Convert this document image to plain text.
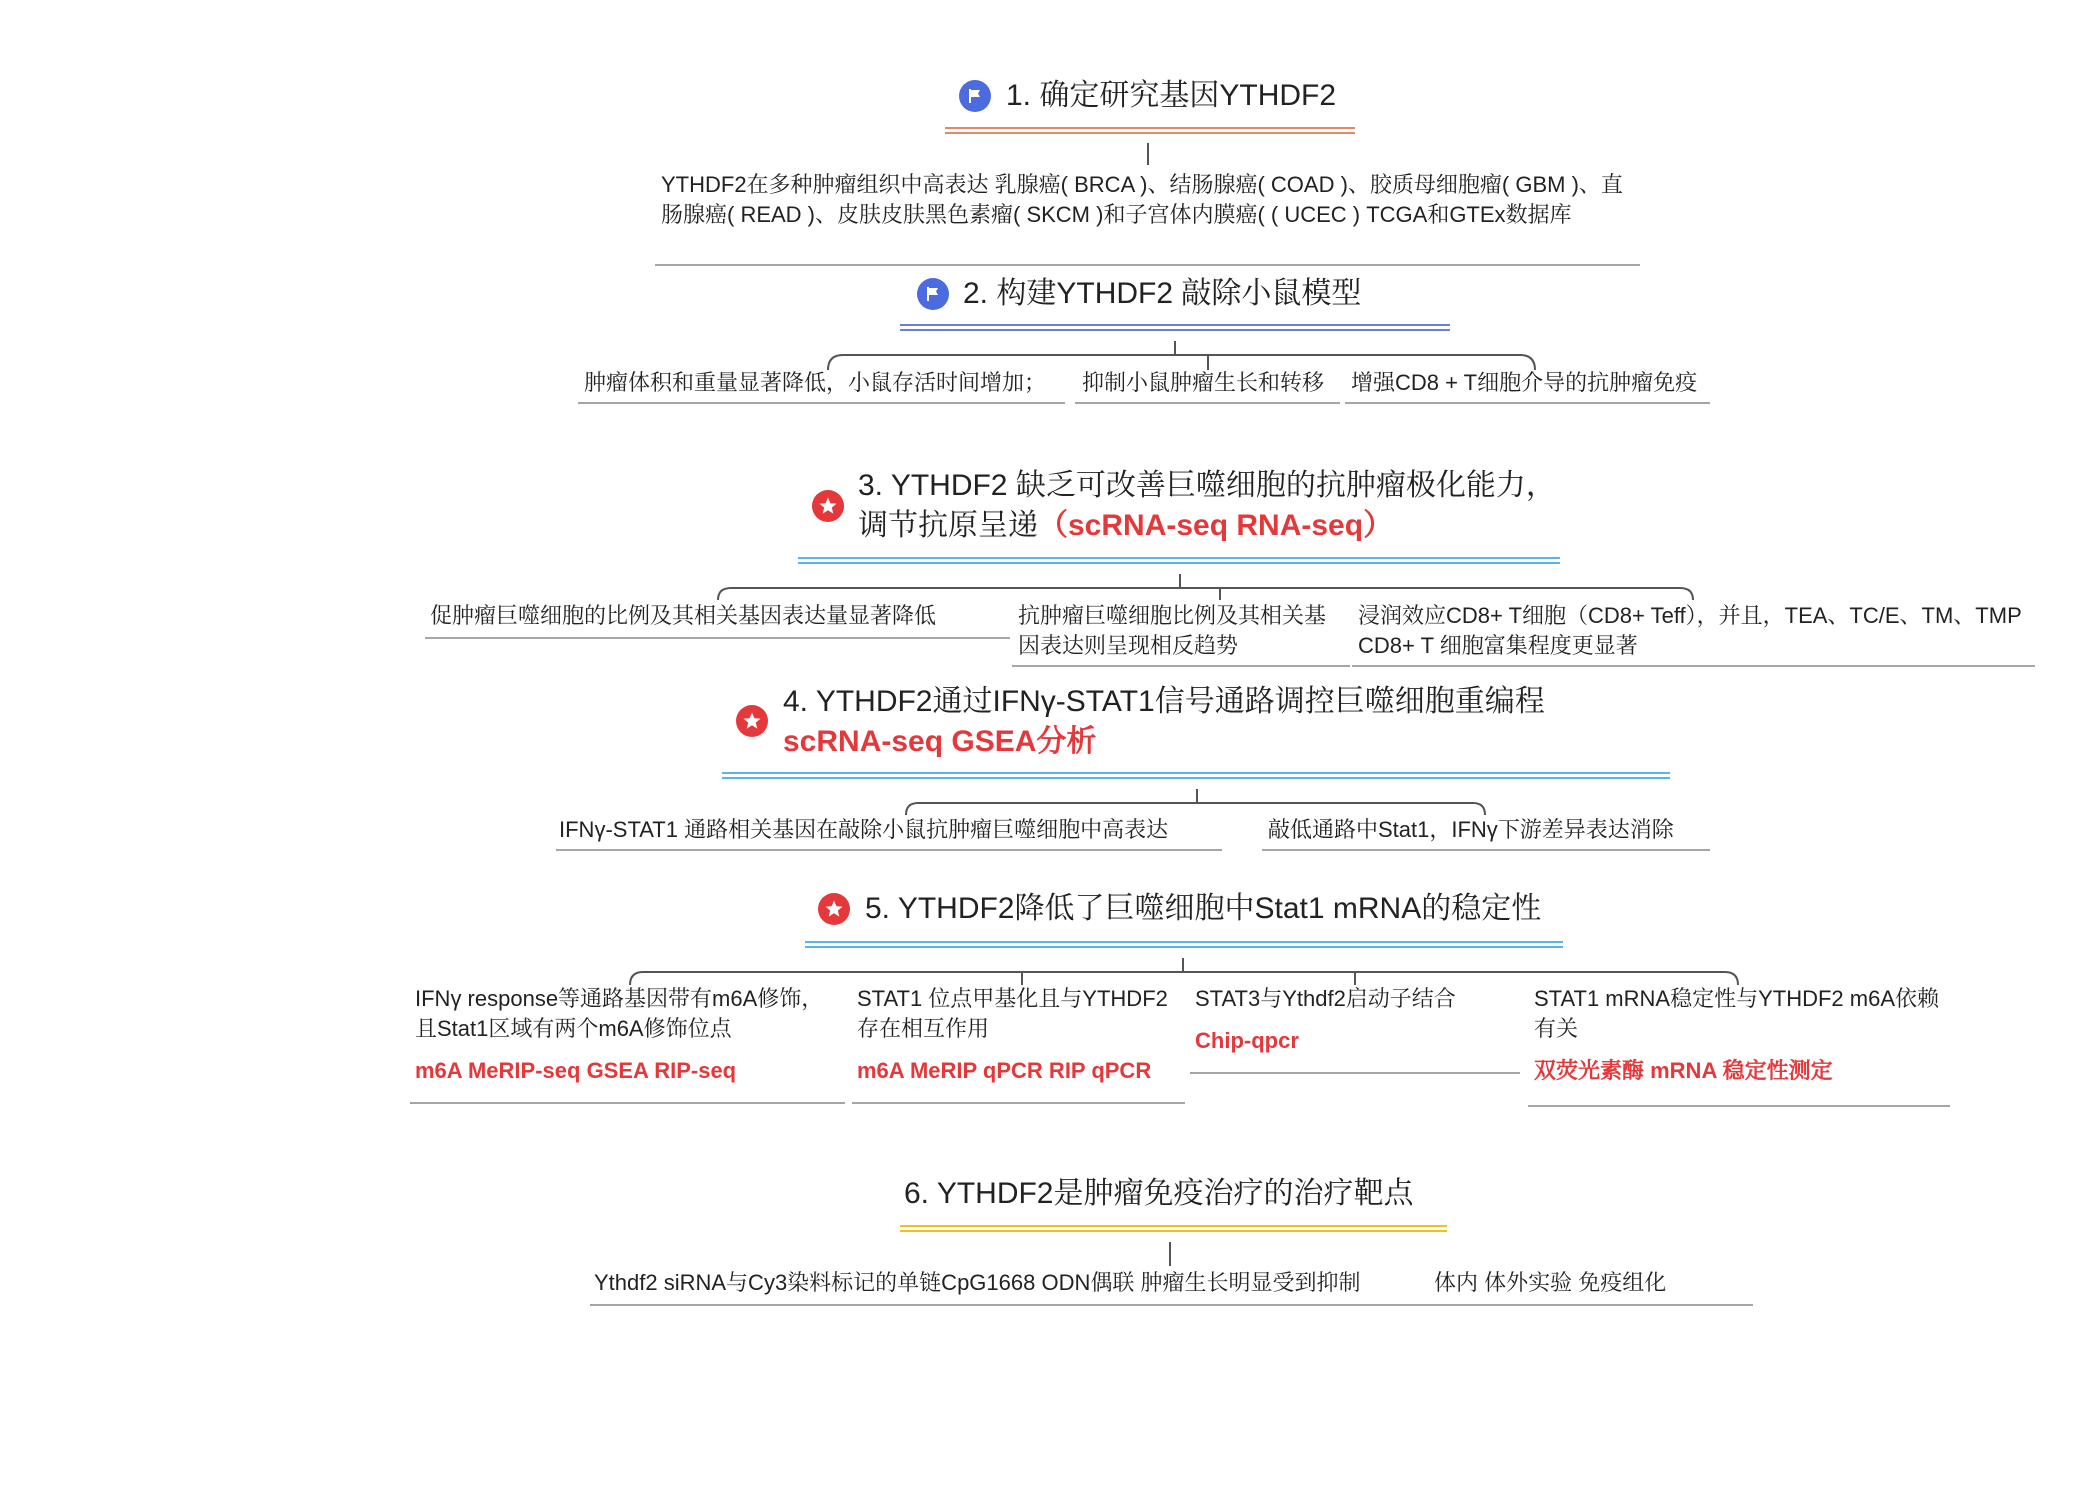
1. 确定研究基因YTHDF2
YTHDF2在多种肿瘤组织中高表达 乳腺癌( BRCA )、结肠腺癌( COAD )、胶质母细胞瘤( GBM )、直肠腺癌( READ )、皮肤皮肤黑色素瘤( SKCM )和子宫体内膜癌( ( UCEC ) TCGA和GTEx数据库
2. 构建YTHDF2 敲除小鼠模型
肿瘤体积和重量显著降低，小鼠存活时间增加； 抑制小鼠肿瘤生长和转移 增强CD8 + T细胞介导的抗肿瘤免疫
3. YTHDF2 缺乏可改善巨噬细胞的抗肿瘤极化能力，
调节抗原呈递（scRNA-seq RNA-seq）
促肿瘤巨噬细胞的比例及其相关基因表达量显著降低	抗肿瘤巨噬细胞比例及其相关基因表达则呈现相反趋势
浸润效应CD8+ T细胞（CD8+ Teff），并且，TEA、TC/E、TM、TMP CD8+ T 细胞富集程度更显著
4. YTHDF2通过IFNγ-STAT1信号通路调控巨噬细胞重编程
scRNA-seq GSEA分析
IFNγ-STAT1 通路相关基因在敲除小鼠抗肿瘤巨噬细胞中高表达	敲低通路中Stat1，IFNγ下游差异表达消除
5. YTHDF2降低了巨噬细胞中Stat1 mRNA的稳定性
IFNγ response等通路基因带有m6A修饰，且Stat1区域有两个m6A修饰位点
m6A MeRIP-seq GSEA RIP-seq
STAT1 位点甲基化且与YTHDF2存在相互作用
m6A MeRIP qPCR RIP qPCR
STAT3与Ythdf2启动子结合
Chip-qpcr
STAT1 mRNA稳定性与YTHDF2 m6A依赖有关
双荧光素酶 mRNA 稳定性测定
6. YTHDF2是肿瘤免疫治疗的治疗靶点
Ythdf2 siRNA与Cy3染料标记的单链CpG1668 ODN偶联 肿瘤生长明显受到抑制	体内 体外实验 免疫组化
